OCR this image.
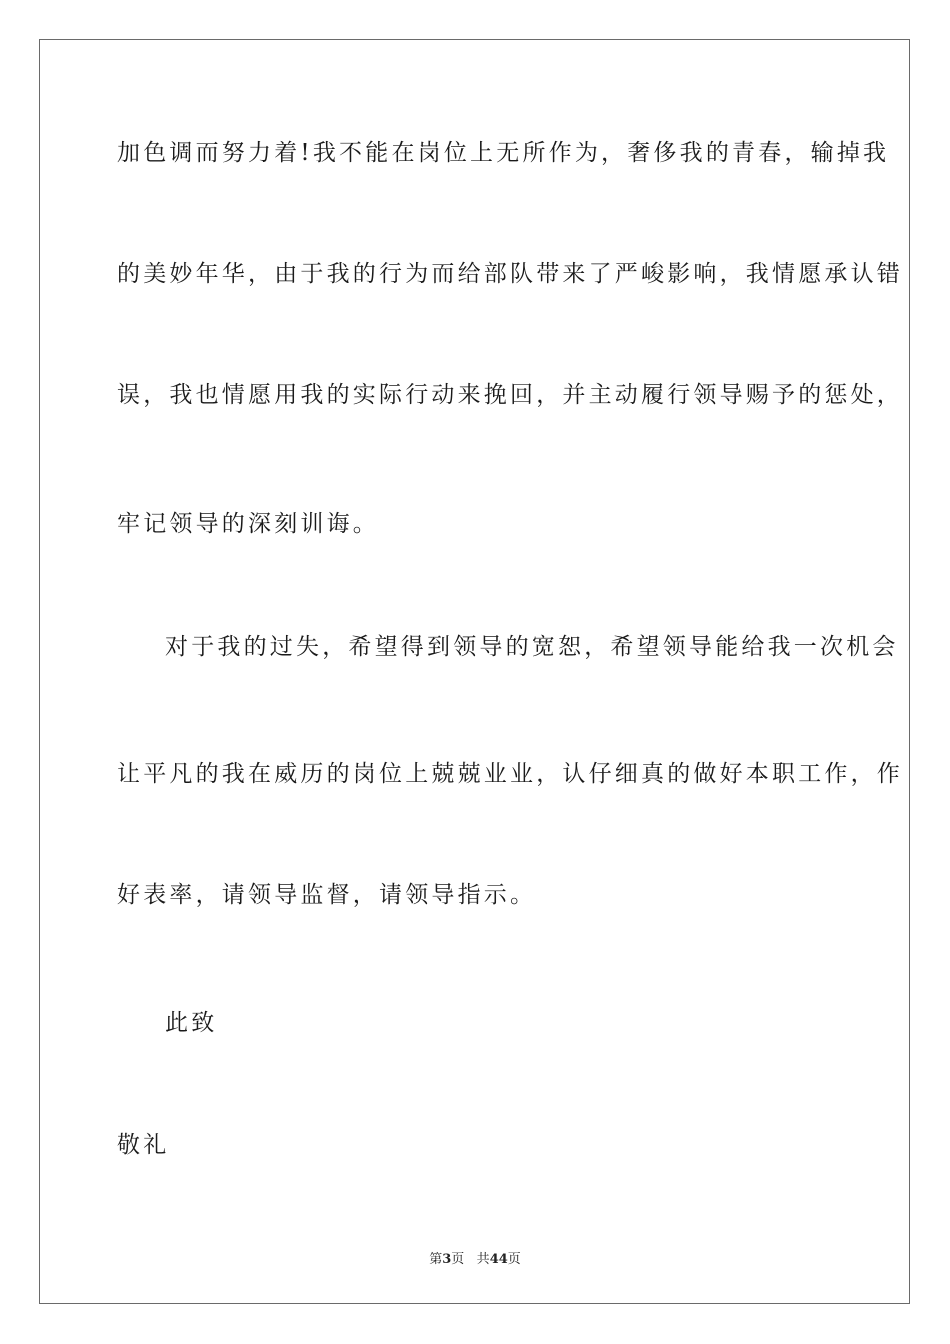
加色调而努力着!我不能在岗位上无所作为，奢侈我的青春，输掉我
的美妙年华，由于我的行为而给部队带来了严峻影响，我情愿承认错
误，我也情愿用我的实际行动来挽回，并主动履行领导赐予的惩处，
牢记领导的深刻训诲。
对于我的过失，希望得到领导的宽恕，希望领导能给我一次机会
让平凡的我在威历的岗位上兢兢业业，认仔细真的做好本职工作，作
好表率，请领导监督，请领导指示。
此致
敬礼
第3页 共44页
